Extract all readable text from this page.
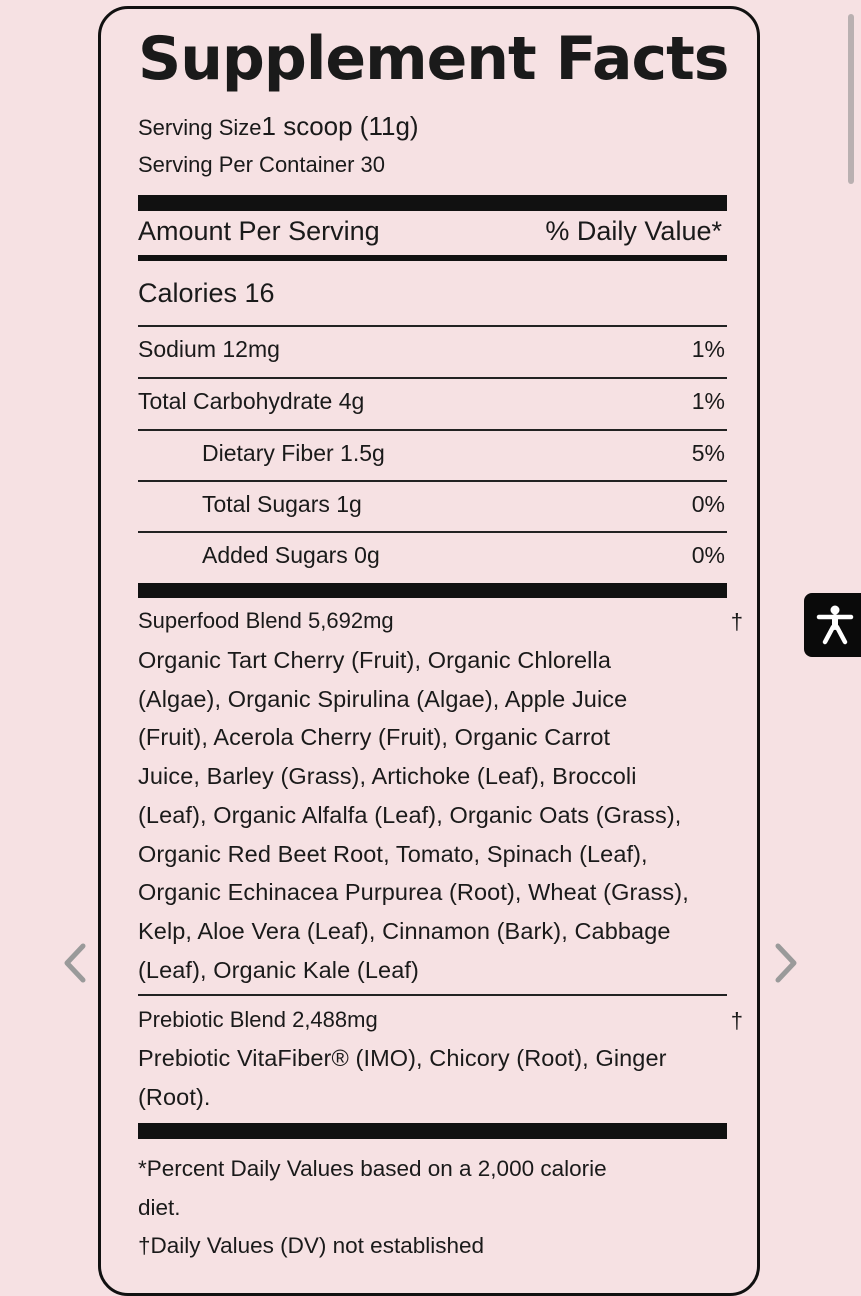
Supplement Facts
Serving Size1 scoop (11g)
Serving Per Container 30
Amount Per Serving	% Daily Value*
Calories 16
Sodium 12mg	1%
Total Carbohydrate 4g	1%
Dietary Fiber 1.5g	5%
Total Sugars 1g	0%
Added Sugars 0g	0%
Superfood Blend 5,692mg	†
Organic Tart Cherry (Fruit), Organic Chlorella
(Algae), Organic Spirulina (Algae), Apple Juice
(Fruit), Acerola Cherry (Fruit), Organic Carrot
Juice, Barley (Grass), Artichoke (Leaf), Broccoli
(Leaf), Organic Alfalfa (Leaf), Organic Oats (Grass),
Organic Red Beet Root, Tomato, Spinach (Leaf),
Organic Echinacea Purpurea (Root), Wheat (Grass),
Kelp, Aloe Vera (Leaf), Cinnamon (Bark), Cabbage
(Leaf), Organic Kale (Leaf)
Prebiotic Blend 2,488mg	†
Prebiotic VitaFiber® (IMO), Chicory (Root), Ginger
(Root).
*Percent Daily Values based on a 2,000 calorie
diet.
†Daily Values (DV) not established
